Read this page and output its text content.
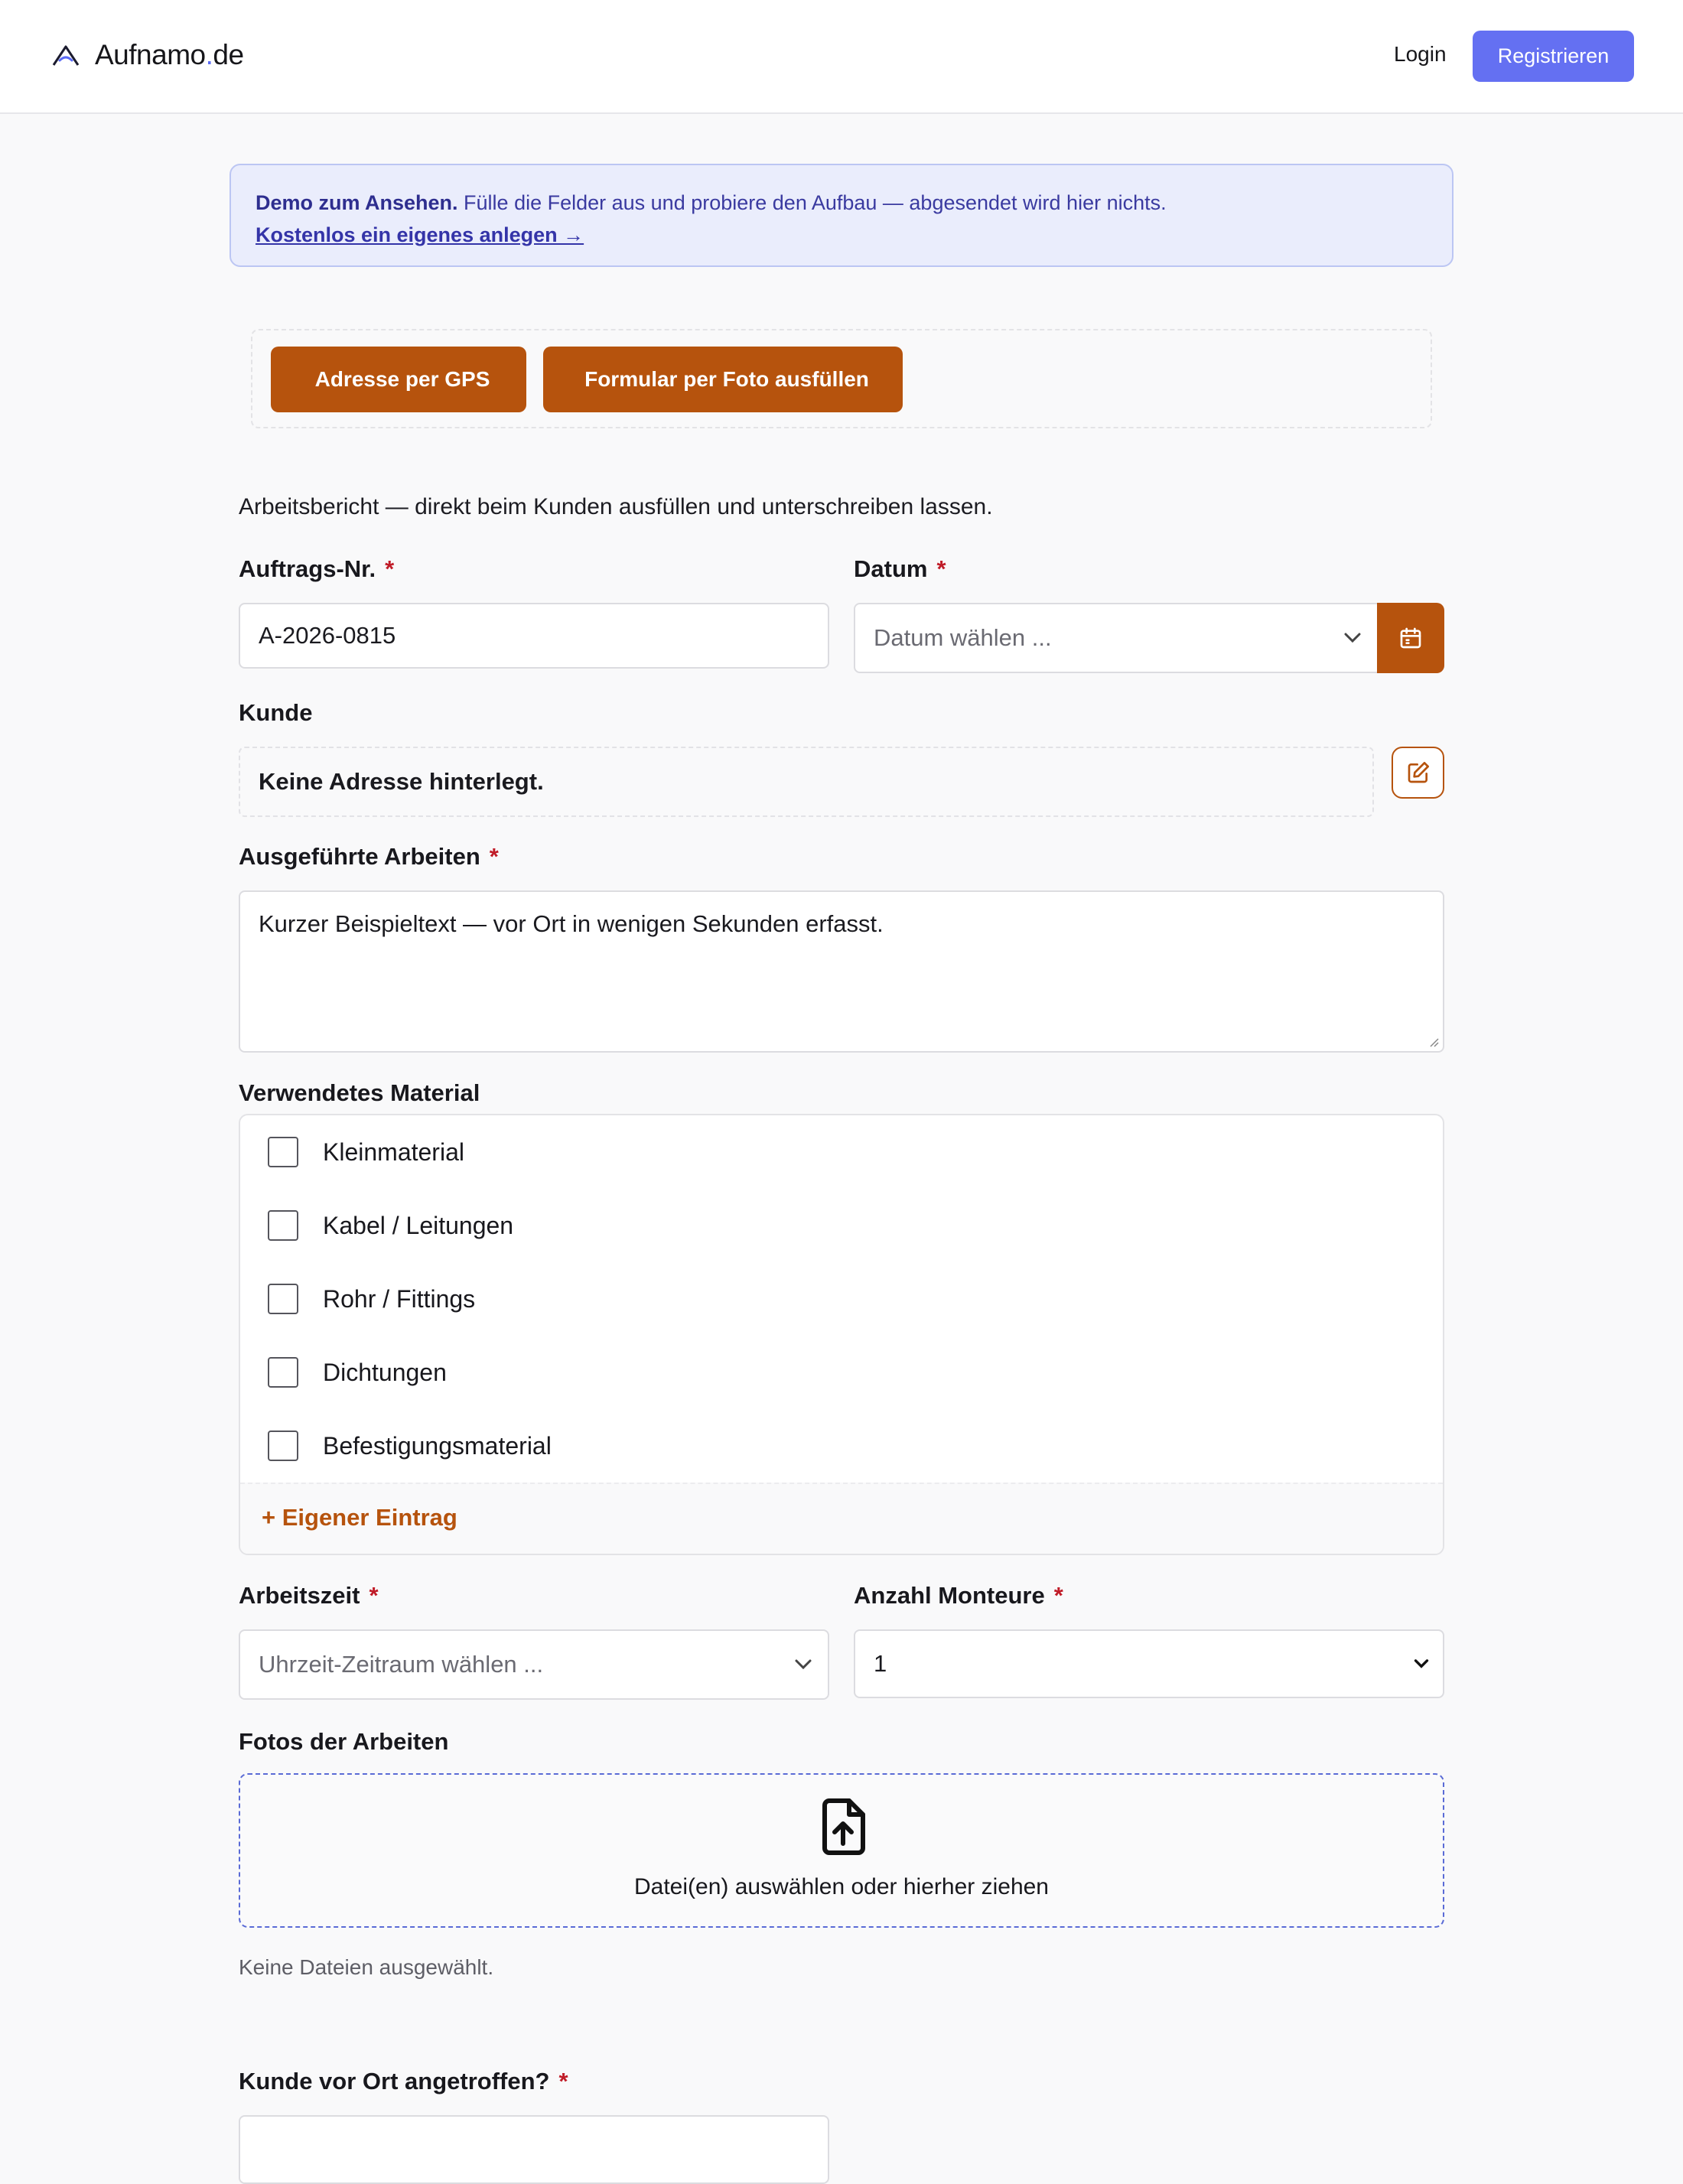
Aufnamo.de	Login	Registrieren
Demo zum Ansehen. Fülle die Felder aus und probiere den Aufbau — abgesendet wird hier nichts.
Kostenlos ein eigenes anlegen →
Adresse per GPS	Formular per Foto ausfüllen
Arbeitsbericht — direkt beim Kunden ausfüllen und unterschreiben lassen.
Auftrags-Nr. *
A-2026-0815
Datum *
Datum wählen ...
Kunde
Keine Adresse hinterlegt.
Ausgeführte Arbeiten *
Kurzer Beispieltext — vor Ort in wenigen Sekunden erfasst.
Verwendetes Material
Kleinmaterial
Kabel / Leitungen
Rohr / Fittings
Dichtungen
Befestigungsmaterial
+ Eigener Eintrag
Arbeitszeit *
Uhrzeit-Zeitraum wählen ...
Anzahl Monteure *
1
Fotos der Arbeiten
Datei(en) auswählen oder hierher ziehen
Keine Dateien ausgewählt.
Kunde vor Ort angetroffen? *
